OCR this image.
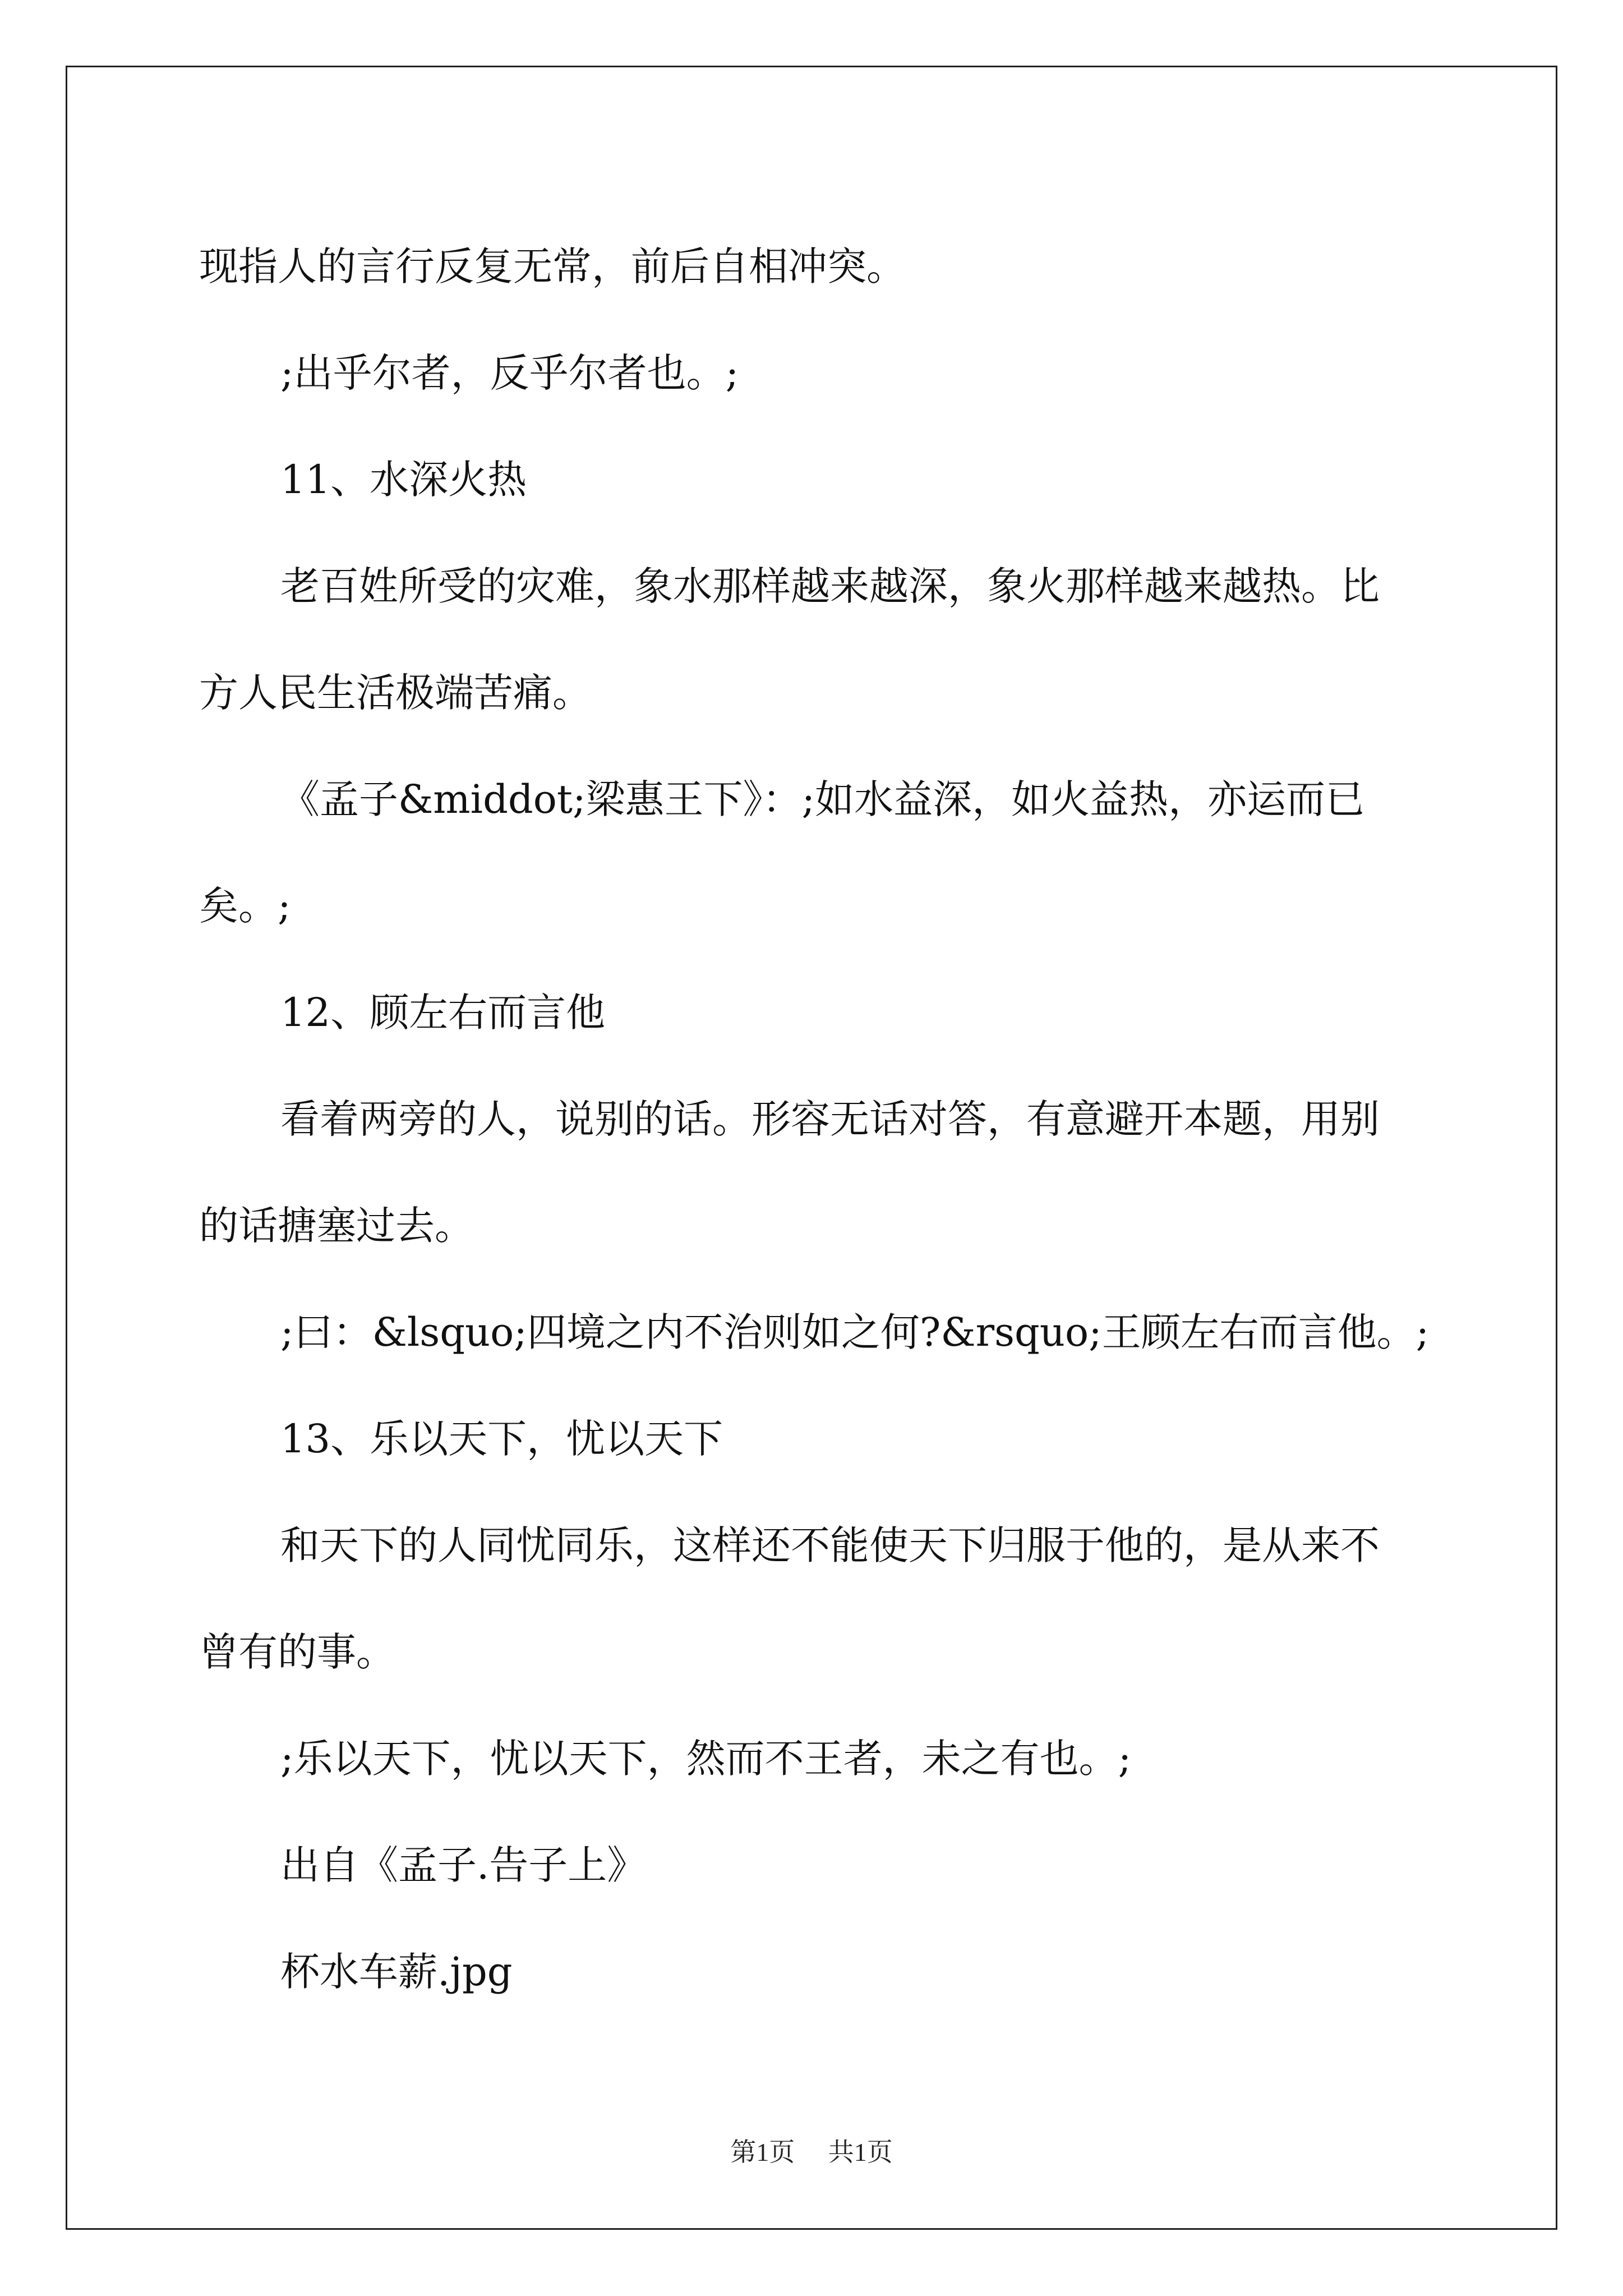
现指人的言行反复无常，前后自相冲突。

;出乎尔者，反乎尔者也。;

11、水深火热

老百姓所受的灾难，象水那样越来越深，象火那样越来越热。比

方人民生活极端苦痛。

《孟子&middot;梁惠王下》：;如水益深，如火益热，亦运而已

矣。;

12、顾左右而言他

看着两旁的人，说别的话。形容无话对答，有意避开本题，用别

的话搪塞过去。

;曰：&lsquo;四境之内不治则如之何?&rsquo;王顾左右而言他。;

13、乐以天下，忧以天下

和天下的人同忧同乐，这样还不能使天下归服于他的，是从来不

曾有的事。

;乐以天下，忧以天下，然而不王者，未之有也。;

出自《孟子.告子上》

杯水车薪.jpg

第1页 共1页
